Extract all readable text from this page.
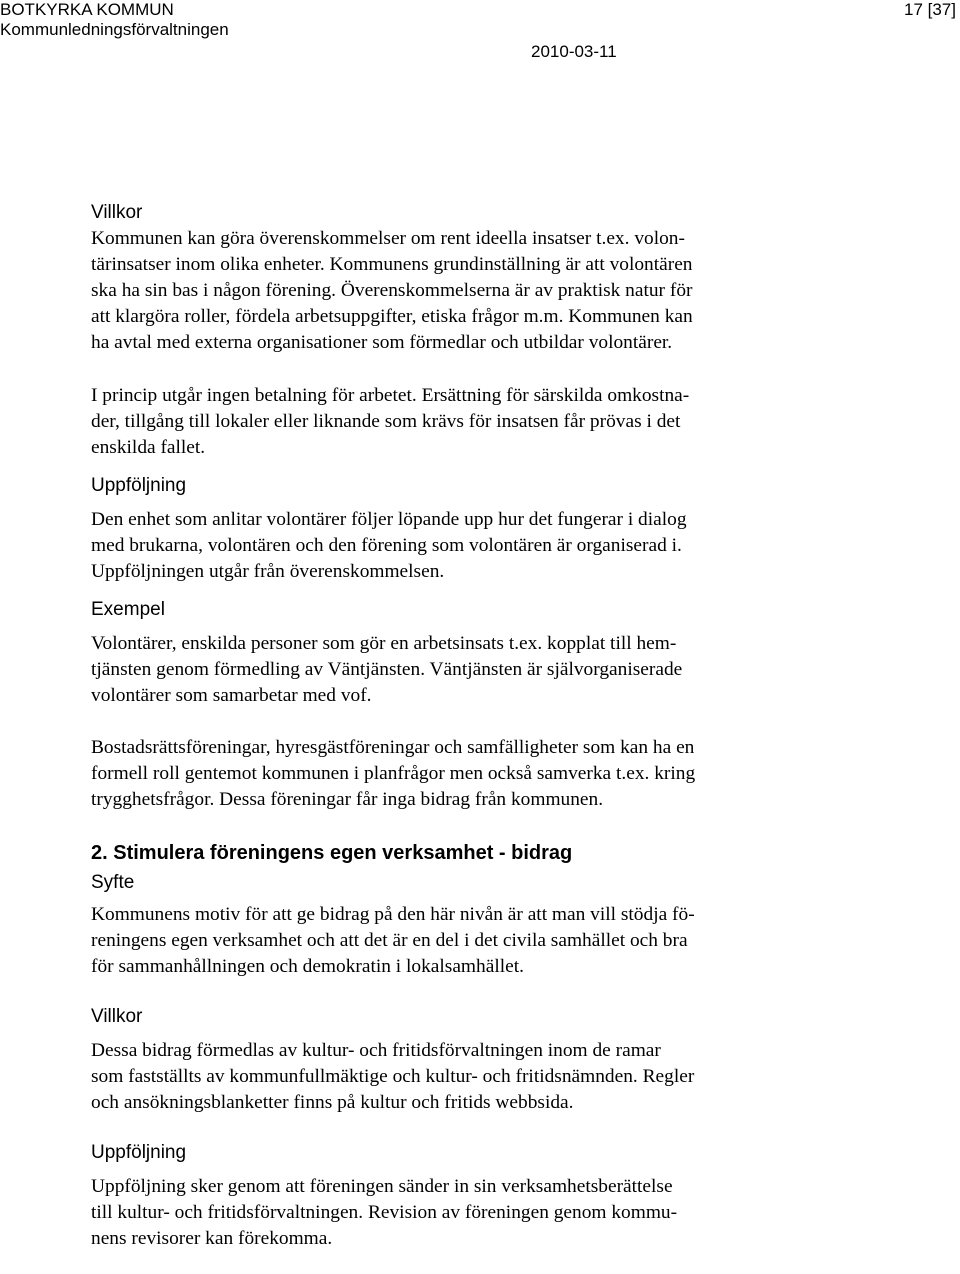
BOTKYRKA KOMMUN
Kommunledningsförvaltningen
17 [37]
2010-03-11
Villkor

Kommunen kan göra överenskommelser om rent ideella insatser t.ex. volon-
tärinsatser inom olika enheter. Kommunens grundinställning är att volontären
ska ha sin bas i någon förening. Överenskommelserna är av praktisk natur för
att klargöra roller, fördela arbetsuppgifter, etiska frågor m.m. Kommunen kan
ha avtal med externa organisationer som förmedlar och utbildar volontärer.

I princip utgår ingen betalning för arbetet. Ersättning för särskilda omkostna-
der, tillgång till lokaler eller liknande som krävs för insatsen får prövas i det
enskilda fallet.

Uppföljning

Den enhet som anlitar volontärer följer löpande upp hur det fungerar i dialog
med brukarna, volontären och den förening som volontären är organiserad i.
Uppföljningen utgår från överenskommelsen.

Exempel

Volontärer, enskilda personer som gör en arbetsinsats t.ex. kopplat till hem-
tjänsten genom förmedling av Väntjänsten. Väntjänsten är självorganiserade
volontärer som samarbetar med vof.

Bostadsrättsföreningar, hyresgästföreningar och samfälligheter som kan ha en
formell roll gentemot kommunen i planfrågor men också samverka t.ex. kring
trygghetsfrågor. Dessa föreningar får inga bidrag från kommunen.

2. Stimulera föreningens egen verksamhet - bidrag
Syfte

Kommunens motiv för att ge bidrag på den här nivån är att man vill stödja fö-
reningens egen verksamhet och att det är en del i det civila samhället och bra
för sammanhållningen och demokratin i lokalsamhället.

Villkor

Dessa bidrag förmedlas av kultur- och fritidsförvaltningen inom de ramar
som fastställts av kommunfullmäktige och kultur- och fritidsnämnden. Regler
och ansökningsblanketter finns på kultur och fritids webbsida.

Uppföljning

Uppföljning sker genom att föreningen sänder in sin verksamhetsberättelse
till kultur- och fritidsförvaltningen. Revision av föreningen genom kommu-
nens revisorer kan förekomma.
